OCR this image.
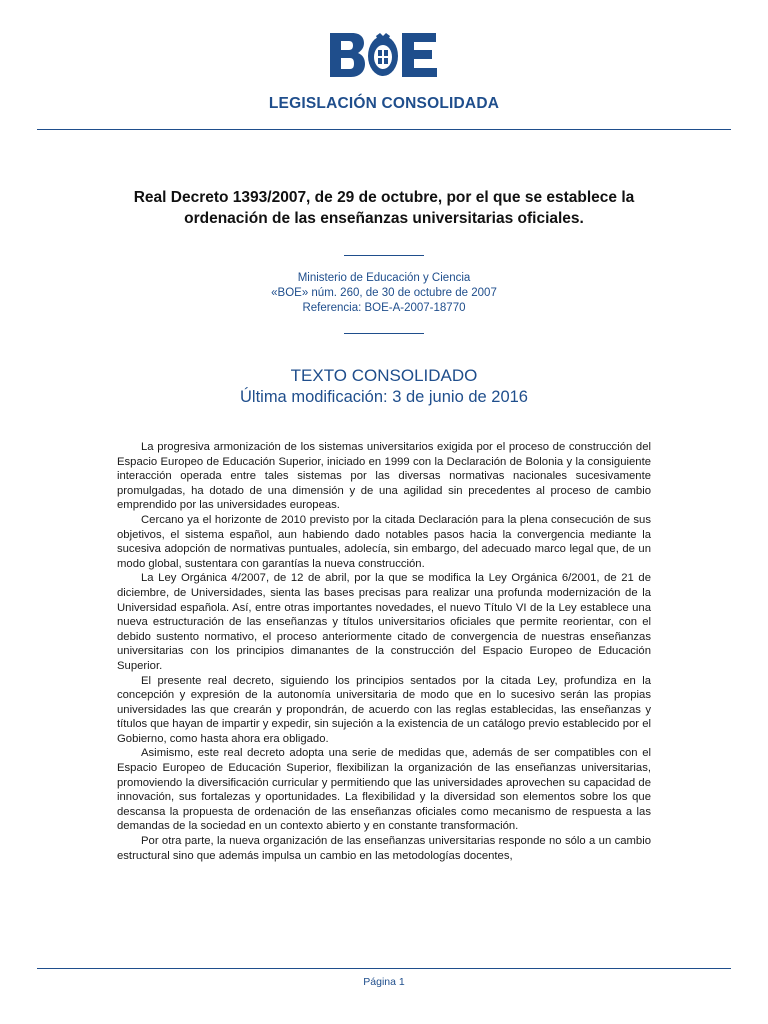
LEGISLACIÓN CONSOLIDADA
Real Decreto 1393/2007, de 29 de octubre, por el que se establece la ordenación de las enseñanzas universitarias oficiales.
Ministerio de Educación y Ciencia
«BOE» núm. 260, de 30 de octubre de 2007
Referencia: BOE-A-2007-18770
TEXTO CONSOLIDADO
Última modificación: 3 de junio de 2016

La progresiva armonización de los sistemas universitarios exigida por el proceso de construcción del Espacio Europeo de Educación Superior, iniciado en 1999 con la Declaración de Bolonia y la consiguiente interacción operada entre tales sistemas por las diversas normativas nacionales sucesivamente promulgadas, ha dotado de una dimensión y de una agilidad sin precedentes al proceso de cambio emprendido por las universidades europeas.

Cercano ya el horizonte de 2010 previsto por la citada Declaración para la plena consecución de sus objetivos, el sistema español, aun habiendo dado notables pasos hacia la convergencia mediante la sucesiva adopción de normativas puntuales, adolecía, sin embargo, del adecuado marco legal que, de un modo global, sustentara con garantías la nueva construcción.

La Ley Orgánica 4/2007, de 12 de abril, por la que se modifica la Ley Orgánica 6/2001, de 21 de diciembre, de Universidades, sienta las bases precisas para realizar una profunda modernización de la Universidad española. Así, entre otras importantes novedades, el nuevo Título VI de la Ley establece una nueva estructuración de las enseñanzas y títulos universitarios oficiales que permite reorientar, con el debido sustento normativo, el proceso anteriormente citado de convergencia de nuestras enseñanzas universitarias con los principios dimanantes de la construcción del Espacio Europeo de Educación Superior.

El presente real decreto, siguiendo los principios sentados por la citada Ley, profundiza en la concepción y expresión de la autonomía universitaria de modo que en lo sucesivo serán las propias universidades las que crearán y propondrán, de acuerdo con las reglas establecidas, las enseñanzas y títulos que hayan de impartir y expedir, sin sujeción a la existencia de un catálogo previo establecido por el Gobierno, como hasta ahora era obligado.

Asimismo, este real decreto adopta una serie de medidas que, además de ser compatibles con el Espacio Europeo de Educación Superior, flexibilizan la organización de las enseñanzas universitarias, promoviendo la diversificación curricular y permitiendo que las universidades aprovechen su capacidad de innovación, sus fortalezas y oportunidades. La flexibilidad y la diversidad son elementos sobre los que descansa la propuesta de ordenación de las enseñanzas oficiales como mecanismo de respuesta a las demandas de la sociedad en un contexto abierto y en constante transformación.

Por otra parte, la nueva organización de las enseñanzas universitarias responde no sólo a un cambio estructural sino que además impulsa un cambio en las metodologías docentes,

Página 1
